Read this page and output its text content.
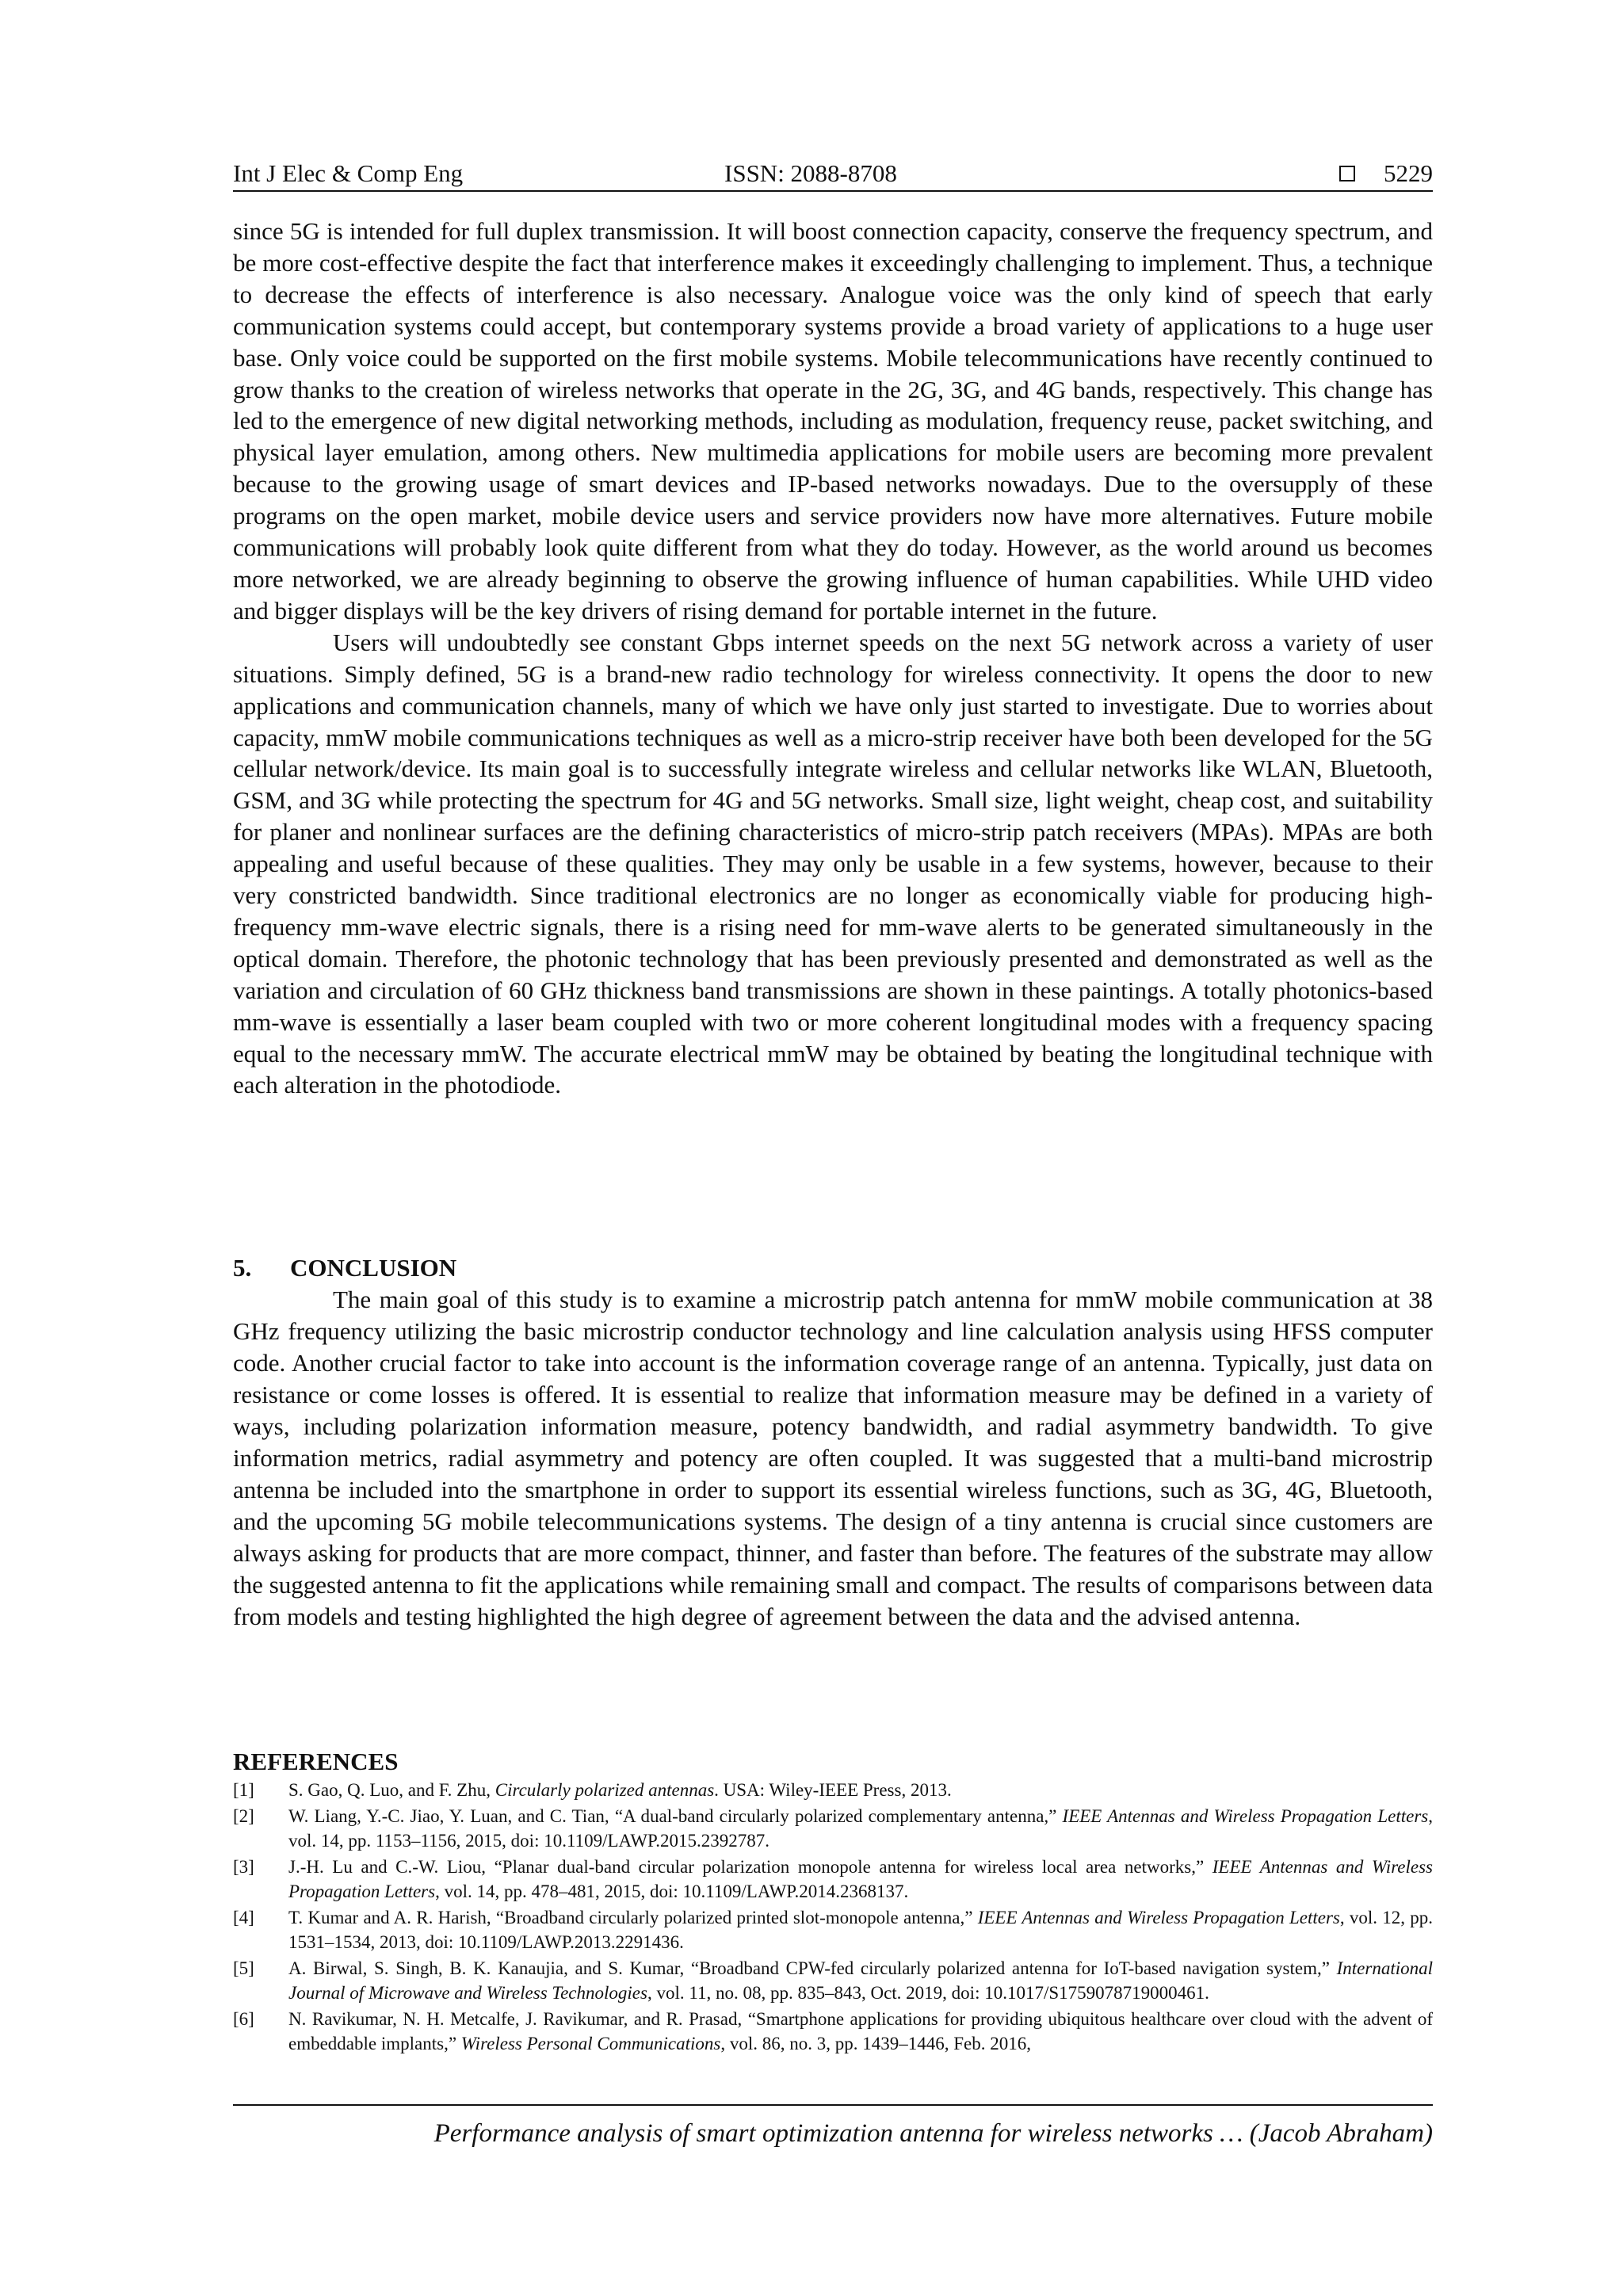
Int J Elec & Comp Eng	ISSN: 2088-8708	5229

since 5G is intended for full duplex transmission. It will boost connection capacity, conserve the frequency spectrum, and be more cost-effective despite the fact that interference makes it exceedingly challenging to implement. Thus, a technique to decrease the effects of interference is also necessary. Analogue voice was the only kind of speech that early communication systems could accept, but contemporary systems provide a broad variety of applications to a huge user base. Only voice could be supported on the first mobile systems. Mobile telecommunications have recently continued to grow thanks to the creation of wireless networks that operate in the 2G, 3G, and 4G bands, respectively. This change has led to the emergence of new digital networking methods, including as modulation, frequency reuse, packet switching, and physical layer emulation, among others. New multimedia applications for mobile users are becoming more prevalent because to the growing usage of smart devices and IP-based networks nowadays. Due to the oversupply of these programs on the open market, mobile device users and service providers now have more alternatives. Future mobile communications will probably look quite different from what they do today. However, as the world around us becomes more networked, we are already beginning to observe the growing influence of human capabilities. While UHD video and bigger displays will be the key drivers of rising demand for portable internet in the future.

Users will undoubtedly see constant Gbps internet speeds on the next 5G network across a variety of user situations. Simply defined, 5G is a brand-new radio technology for wireless connectivity. It opens the door to new applications and communication channels, many of which we have only just started to investigate. Due to worries about capacity, mmW mobile communications techniques as well as a micro-strip receiver have both been developed for the 5G cellular network/device. Its main goal is to successfully integrate wireless and cellular networks like WLAN, Bluetooth, GSM, and 3G while protecting the spectrum for 4G and 5G networks. Small size, light weight, cheap cost, and suitability for planer and nonlinear surfaces are the defining characteristics of micro-strip patch receivers (MPAs). MPAs are both appealing and useful because of these qualities. They may only be usable in a few systems, however, because to their very constricted bandwidth. Since traditional electronics are no longer as economically viable for producing high-frequency mm-wave electric signals, there is a rising need for mm-wave alerts to be generated simultaneously in the optical domain. Therefore, the photonic technology that has been previously presented and demonstrated as well as the variation and circulation of 60 GHz thickness band transmissions are shown in these paintings. A totally photonics-based mm-wave is essentially a laser beam coupled with two or more coherent longitudinal modes with a frequency spacing equal to the necessary mmW. The accurate electrical mmW may be obtained by beating the longitudinal technique with each alteration in the photodiode.

5. CONCLUSION

The main goal of this study is to examine a microstrip patch antenna for mmW mobile communication at 38 GHz frequency utilizing the basic microstrip conductor technology and line calculation analysis using HFSS computer code. Another crucial factor to take into account is the information coverage range of an antenna. Typically, just data on resistance or come losses is offered. It is essential to realize that information measure may be defined in a variety of ways, including polarization information measure, potency bandwidth, and radial asymmetry bandwidth. To give information metrics, radial asymmetry and potency are often coupled. It was suggested that a multi-band microstrip antenna be included into the smartphone in order to support its essential wireless functions, such as 3G, 4G, Bluetooth, and the upcoming 5G mobile telecommunications systems. The design of a tiny antenna is crucial since customers are always asking for products that are more compact, thinner, and faster than before. The features of the substrate may allow the suggested antenna to fit the applications while remaining small and compact. The results of comparisons between data from models and testing highlighted the high degree of agreement between the data and the advised antenna.

REFERENCES
[1]	S. Gao, Q. Luo, and F. Zhu, Circularly polarized antennas. USA: Wiley-IEEE Press, 2013.
[2]	W. Liang, Y.-C. Jiao, Y. Luan, and C. Tian, “A dual-band circularly polarized complementary antenna,” IEEE Antennas and Wireless Propagation Letters, vol. 14, pp. 1153–1156, 2015, doi: 10.1109/LAWP.2015.2392787.
[3]	J.-H. Lu and C.-W. Liou, “Planar dual-band circular polarization monopole antenna for wireless local area networks,” IEEE Antennas and Wireless Propagation Letters, vol. 14, pp. 478–481, 2015, doi: 10.1109/LAWP.2014.2368137.
[4]	T. Kumar and A. R. Harish, “Broadband circularly polarized printed slot-monopole antenna,” IEEE Antennas and Wireless Propagation Letters, vol. 12, pp. 1531–1534, 2013, doi: 10.1109/LAWP.2013.2291436.
[5]	A. Birwal, S. Singh, B. K. Kanaujia, and S. Kumar, “Broadband CPW-fed circularly polarized antenna for IoT-based navigation system,” International Journal of Microwave and Wireless Technologies, vol. 11, no. 08, pp. 835–843, Oct. 2019, doi: 10.1017/S1759078719000461.
[6]	N. Ravikumar, N. H. Metcalfe, J. Ravikumar, and R. Prasad, “Smartphone applications for providing ubiquitous healthcare over cloud with the advent of embeddable implants,” Wireless Personal Communications, vol. 86, no. 3, pp. 1439–1446, Feb. 2016,
Performance analysis of smart optimization antenna for wireless networks … (Jacob Abraham)
